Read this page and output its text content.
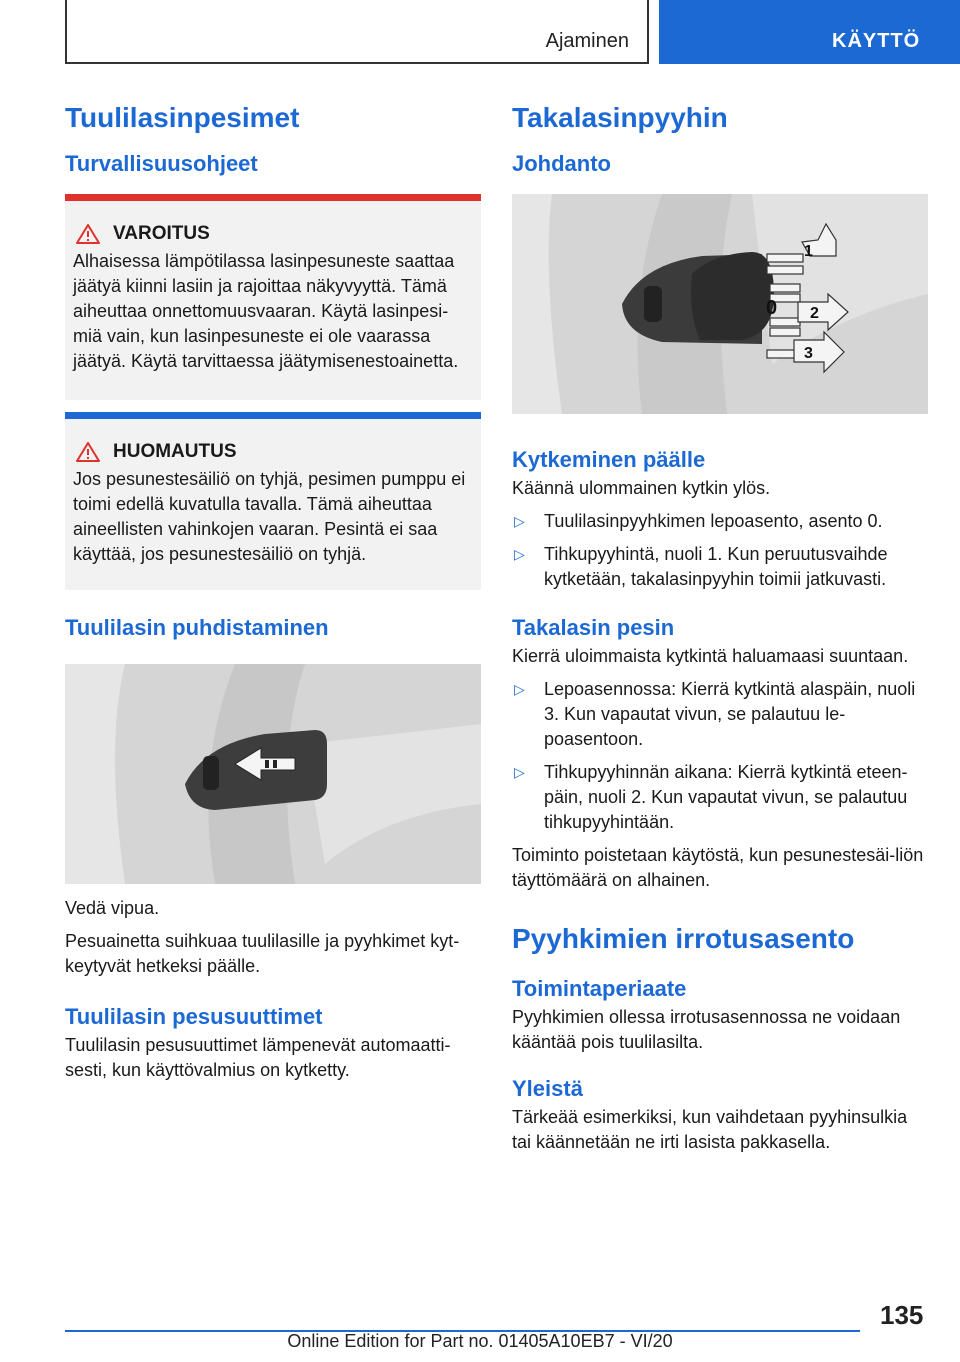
Ajaminen	KÄYTTÖ
Tuulilasinpesimet
Turvallisuusohjeet
VAROITUS

Alhaisessa lämpötilassa lasinpesuneste saattaa jäätyä kiinni lasiin ja rajoittaa näkyvyyttä. Tämä aiheuttaa onnettomuusvaaran. Käytä lasinpesi-miä vain, kun lasinpesuneste ei ole vaarassa jäätyä. Käytä tarvittaessa jäätymisenestoainetta.

HUOMAUTUS

Jos pesunestesäiliö on tyhjä, pesimen pumppu ei toimi edellä kuvatulla tavalla. Tämä aiheuttaa aineellisten vahinkojen vaaran. Pesintä ei saa käyttää, jos pesunestesäiliö on tyhjä.

Tuulilasin puhdistaminen

Vedä vipua.

Pesuainetta suihkuaa tuulilasille ja pyyhkimet kyt-keytyvät hetkeksi päälle.

Tuulilasin pesusuuttimet

Tuulilasin pesusuuttimet lämpenevät automaatti-sesti, kun käyttövalmius on kytketty.

Takalasinpyyhin
Johdanto
1
0 2
3
Kytkeminen päälle

Käännä ulommainen kytkin ylös.

▷	Tuulilasinpyyhkimen lepoasento, asento 0.
▷	Tihkupyyhintä, nuoli 1. Kun peruutusvaihde kytketään, takalasinpyyhin toimii jatkuvasti.
Takalasin pesin

Kierrä uloimmaista kytkintä haluamaasi suuntaan.

▷	Lepoasennossa: Kierrä kytkintä alaspäin, nuoli 3. Kun vapautat vivun, se palautuu le-poasentoon.
▷	Tihkupyyhinnän aikana: Kierrä kytkintä eteen-päin, nuoli 2. Kun vapautat vivun, se palautuu tihkupyyhintään.

Toiminto poistetaan käytöstä, kun pesunestesäi-liön täyttömäärä on alhainen.

Pyyhkimien irrotusasento
Toimintaperiaate

Pyyhkimien ollessa irrotusasennossa ne voidaan kääntää pois tuulilasilta.

Yleistä

Tärkeää esimerkiksi, kun vaihdetaan pyyhinsulkia tai käännetään ne irti lasista pakkasella.

135
Online Edition for Part no. 01405A10EB7 - VI/20
